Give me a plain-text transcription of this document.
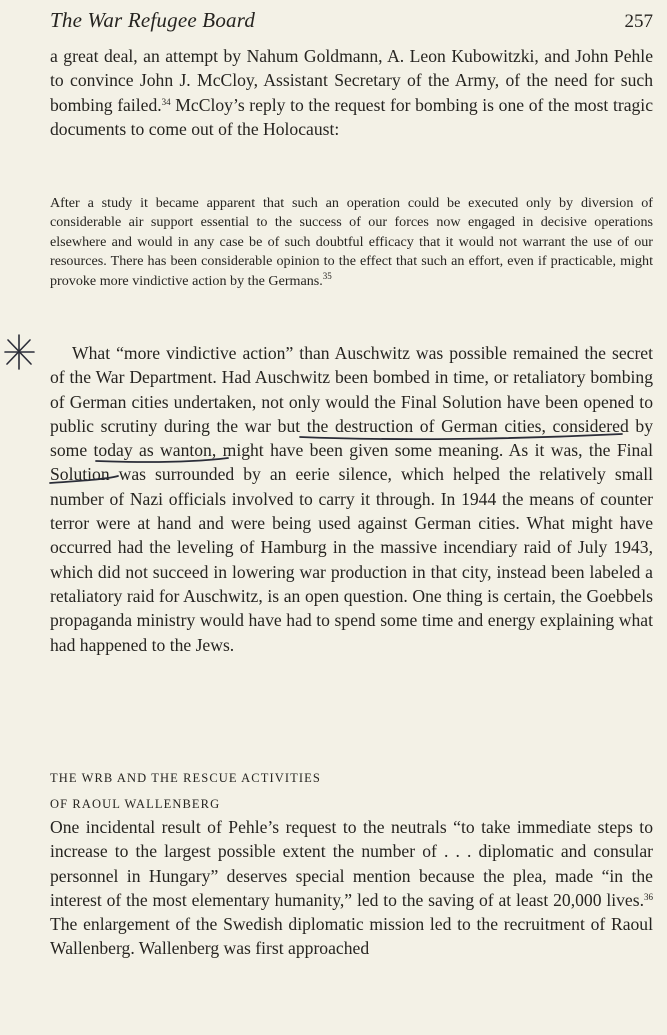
The War Refugee Board	257
a great deal, an attempt by Nahum Goldmann, A. Leon Kubowitzki, and John Pehle to convince John J. McCloy, Assistant Secretary of the Army, of the need for such bombing failed.$^{34}$ McCloy’s reply to the request for bombing is one of the most tragic documents to come out of the Holocaust:
After a study it became apparent that such an operation could be executed only by diversion of considerable air support essential to the success of our forces now engaged in decisive operations elsewhere and would in any case be of such doubtful efficacy that it would not warrant the use of our resources. There has been considerable opinion to the effect that such an effort, even if practicable, might provoke more vindictive action by the Germans.$^{35}$
What “more vindictive action” than Auschwitz was possible remained the secret of the War Department. Had Auschwitz been bombed in time, or retaliatory bombing of German cities undertaken, not only would the Final Solution have been opened to public scrutiny during the war but the destruction of German cities, considered by some today as wanton, might have been given some meaning. As it was, the Final Solution was surrounded by an eerie silence, which helped the relatively small number of Nazi officials involved to carry it through. In 1944 the means of counter terror were at hand and were being used against German cities. What might have occurred had the leveling of Hamburg in the massive incendiary raid of July 1943, which did not succeed in lowering war production in that city, instead been labeled a retaliatory raid for Auschwitz, is an open question. One thing is certain, the Goebbels propaganda ministry would have had to spend some time and energy explaining what had happened to the Jews.
THE WRB AND THE RESCUE ACTIVITIES
OF RAOUL WALLENBERG
One incidental result of Pehle’s request to the neutrals “to take immediate steps to increase to the largest possible extent the number of . . . diplomatic and consular personnel in Hungary” deserves special mention because the plea, made “in the interest of the most elementary humanity,” led to the saving of at least 20,000 lives.$^{36}$ The enlargement of the Swedish diplomatic mission led to the recruitment of Raoul Wallenberg. Wallenberg was first approached
